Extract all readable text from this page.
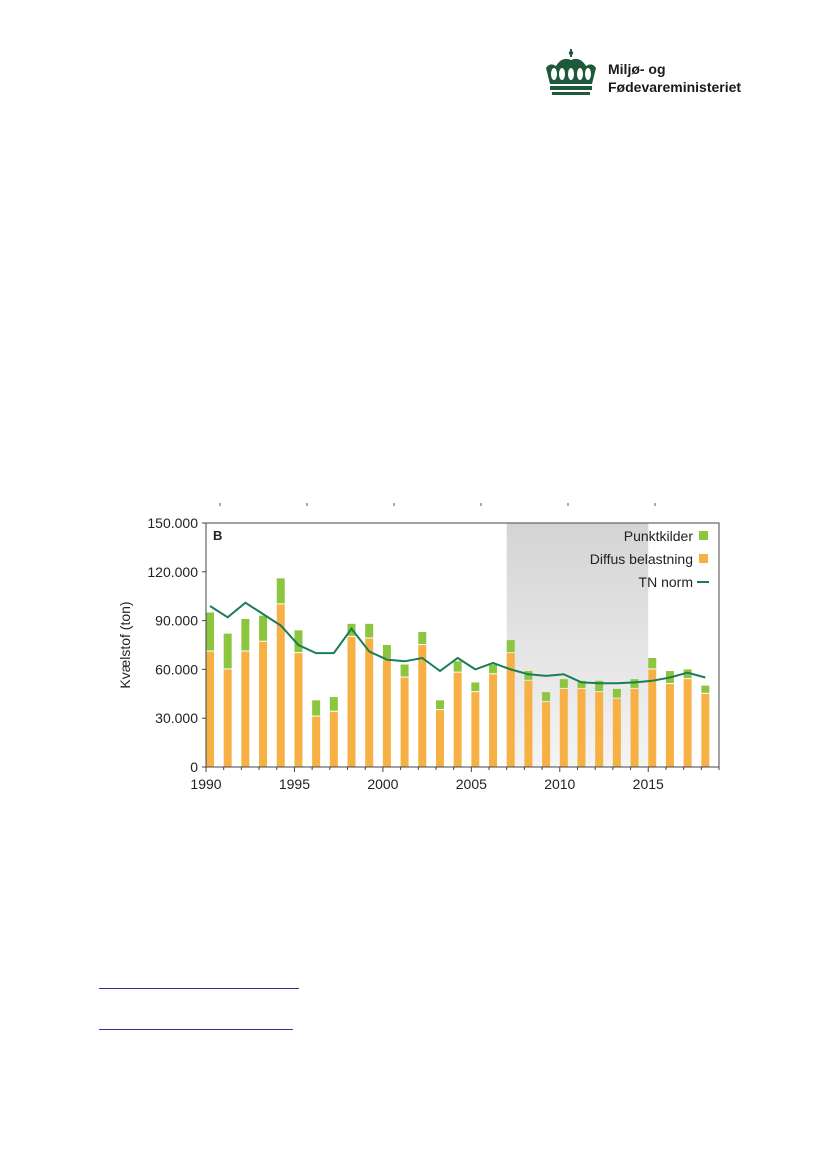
Miljø- og
Fødevareministeriet
0
30.000
60.000
90.000
120.000
150.000
1990	1995	2000	2005	2010	2015
B
Kvælstof (ton)
Punktkilder
Diffus belastning
TN norm
